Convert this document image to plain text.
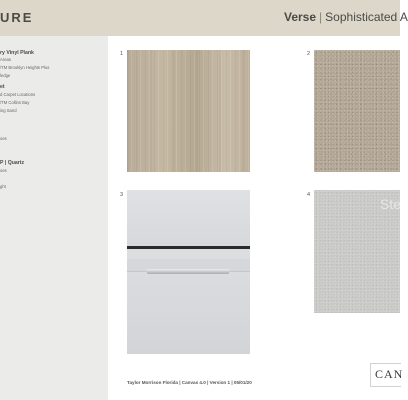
URE	Verse | Sophisticated A
ry Vinyl Plank
Areas
/TM Brooklyn Heights Plus
ledge
et
d Carpet Locations
/TM Collins Bay
ing Sand
oes
P | Quartz
oes
ght
1	2
3	4
Ste
Taylor Morrison Florida | Canvas 4.0 | Version 1 | 05/01/20
CAN
